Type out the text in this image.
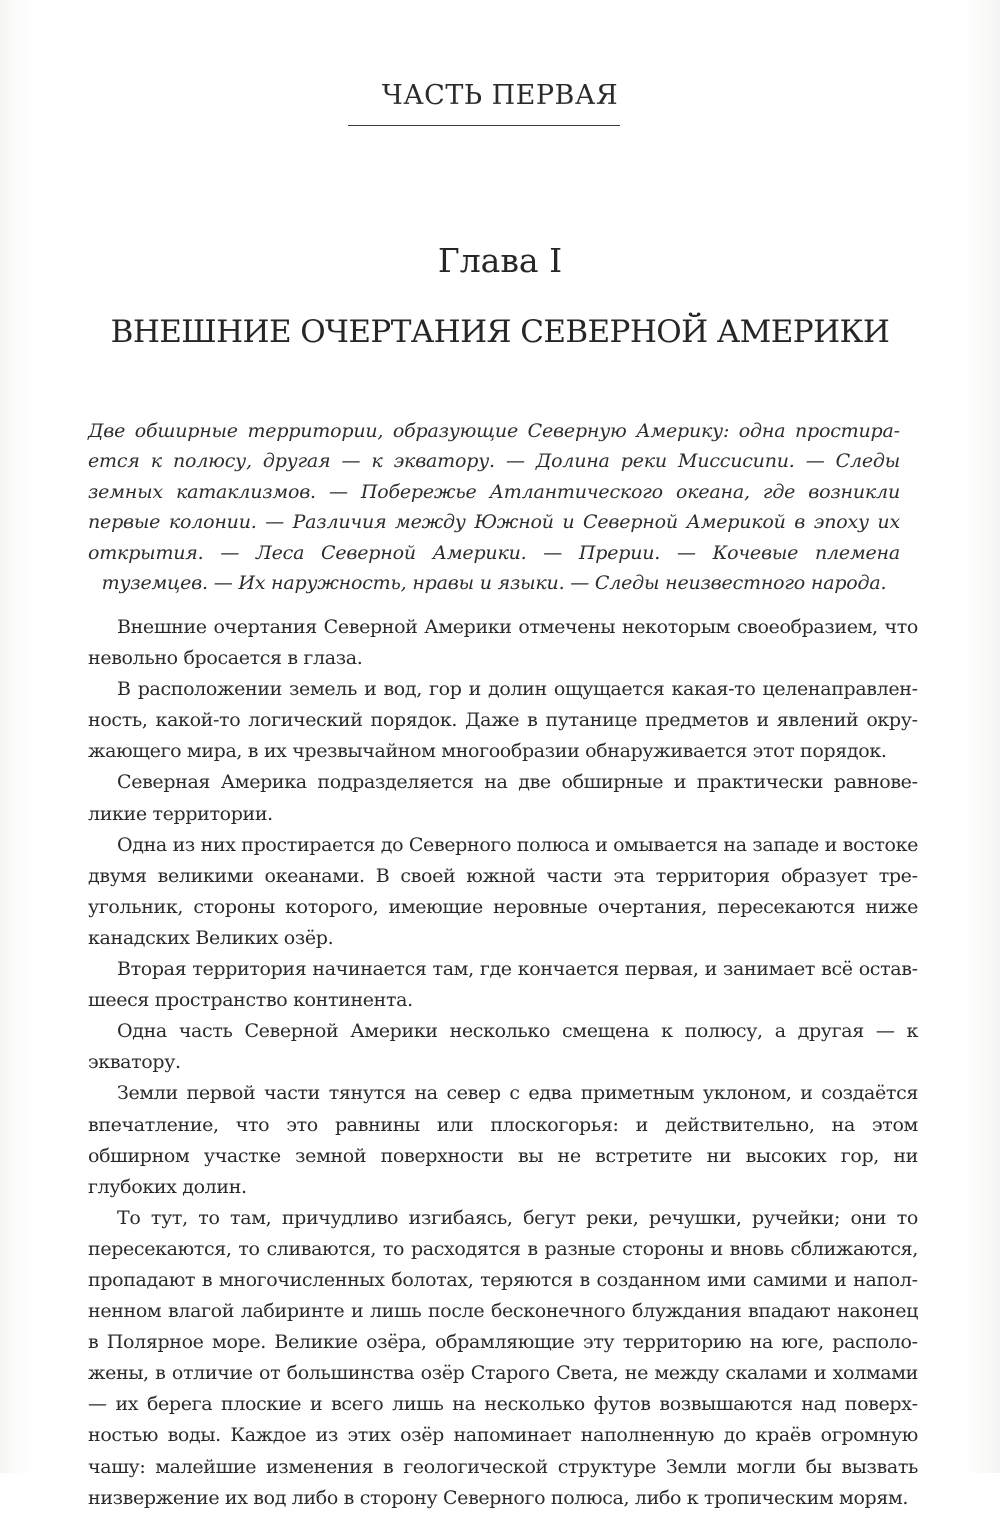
ЧАСТЬ ПЕРВАЯ
Глава I
ВНЕШНИЕ ОЧЕРТАНИЯ СЕВЕРНОЙ АМЕРИКИ
Две обширные территории, образующие Северную Америку: одна простирается к полюсу, другая — к экватору. — Долина реки Миссисипи. — Следы земных катаклизмов. — Побережье Атлантического океана, где возникли первые колонии. — Различия между Южной и Северной Америкой в эпоху их открытия. — Леса Северной Америки. — Прерии. — Кочевые племена туземцев. — Их наружность, нравы и языки. — Следы неизвестного народа.

Внешние очертания Северной Америки отмечены некоторым своеобразием, что невольно бросается в глаза.

В расположении земель и вод, гор и долин ощущается какая-то целенаправленность, какой-то логический порядок. Даже в путанице предметов и явлений окружающего мира, в их чрезвычайном многообразии обнаруживается этот порядок.

Северная Америка подразделяется на две обширные и практически равновеликие территории.

Одна из них простирается до Северного полюса и омывается на западе и востоке двумя великими океанами. В своей южной части эта территория образует треугольник, стороны которого, имеющие неровные очертания, пересекаются ниже канадских Великих озёр.

Вторая территория начинается там, где кончается первая, и занимает всё оставшееся пространство континента.

Одна часть Северной Америки несколько смещена к полюсу, а другая — к экватору.

Земли первой части тянутся на север с едва приметным уклоном, и создаётся впечатление, что это равнины или плоскогорья: и действительно, на этом обширном участке земной поверхности вы не встретите ни высоких гор, ни глубоких долин.

То тут, то там, причудливо изгибаясь, бегут реки, речушки, ручейки; они то пересекаются, то сливаются, то расходятся в разные стороны и вновь сближаются, пропадают в многочисленных болотах, теряются в созданном ими самими и наполненном влагой лабиринте и лишь после бесконечного блуждания впадают наконец в Полярное море. Великие озёра, обрамляющие эту территорию на юге, расположены, в отличие от большинства озёр Старого Света, не между скалами и холмами — их берега плоские и всего лишь на несколько футов возвышаются над поверхностью воды. Каждое из этих озёр напоминает наполненную до краёв огромную чашу: малейшие изменения в геологической структуре Земли могли бы вызвать низвержение их вод либо в сторону Северного полюса, либо к тропическим морям.
